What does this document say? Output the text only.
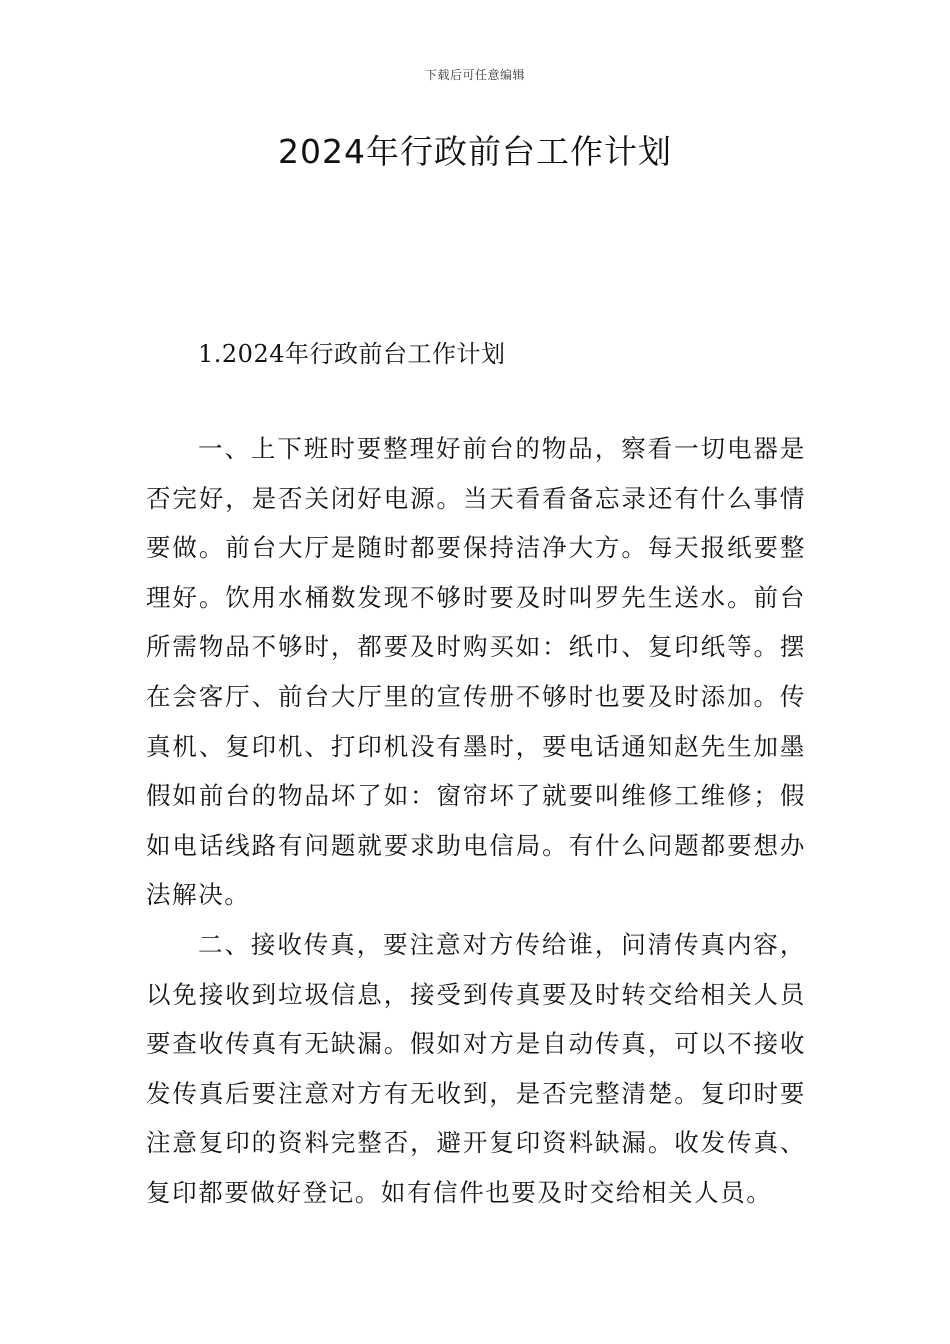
下载后可任意编辑
2024年行政前台工作计划
1.2024年行政前台工作计划

一、上下班时要整理好前台的物品，察看一切电器是否完好，是否关闭好电源。当天看看备忘录还有什么事情要做。前台大厅是随时都要保持洁净大方。每天报纸要整理好。饮用水桶数发现不够时要及时叫罗先生送水。前台所需物品不够时，都要及时购买如：纸巾、复印纸等。摆在会客厅、前台大厅里的宣传册不够时也要及时添加。传真机、复印机、打印机没有墨时，要电话通知赵先生加墨假如前台的物品坏了如：窗帘坏了就要叫维修工维修；假如电话线路有问题就要求助电信局。有什么问题都要想办法解决。

二、接收传真，要注意对方传给谁，问清传真内容，以免接收到垃圾信息，接受到传真要及时转交给相关人员要查收传真有无缺漏。假如对方是自动传真，可以不接收发传真后要注意对方有无收到，是否完整清楚。复印时要注意复印的资料完整否，避开复印资料缺漏。收发传真、复印都要做好登记。如有信件也要及时交给相关人员。
